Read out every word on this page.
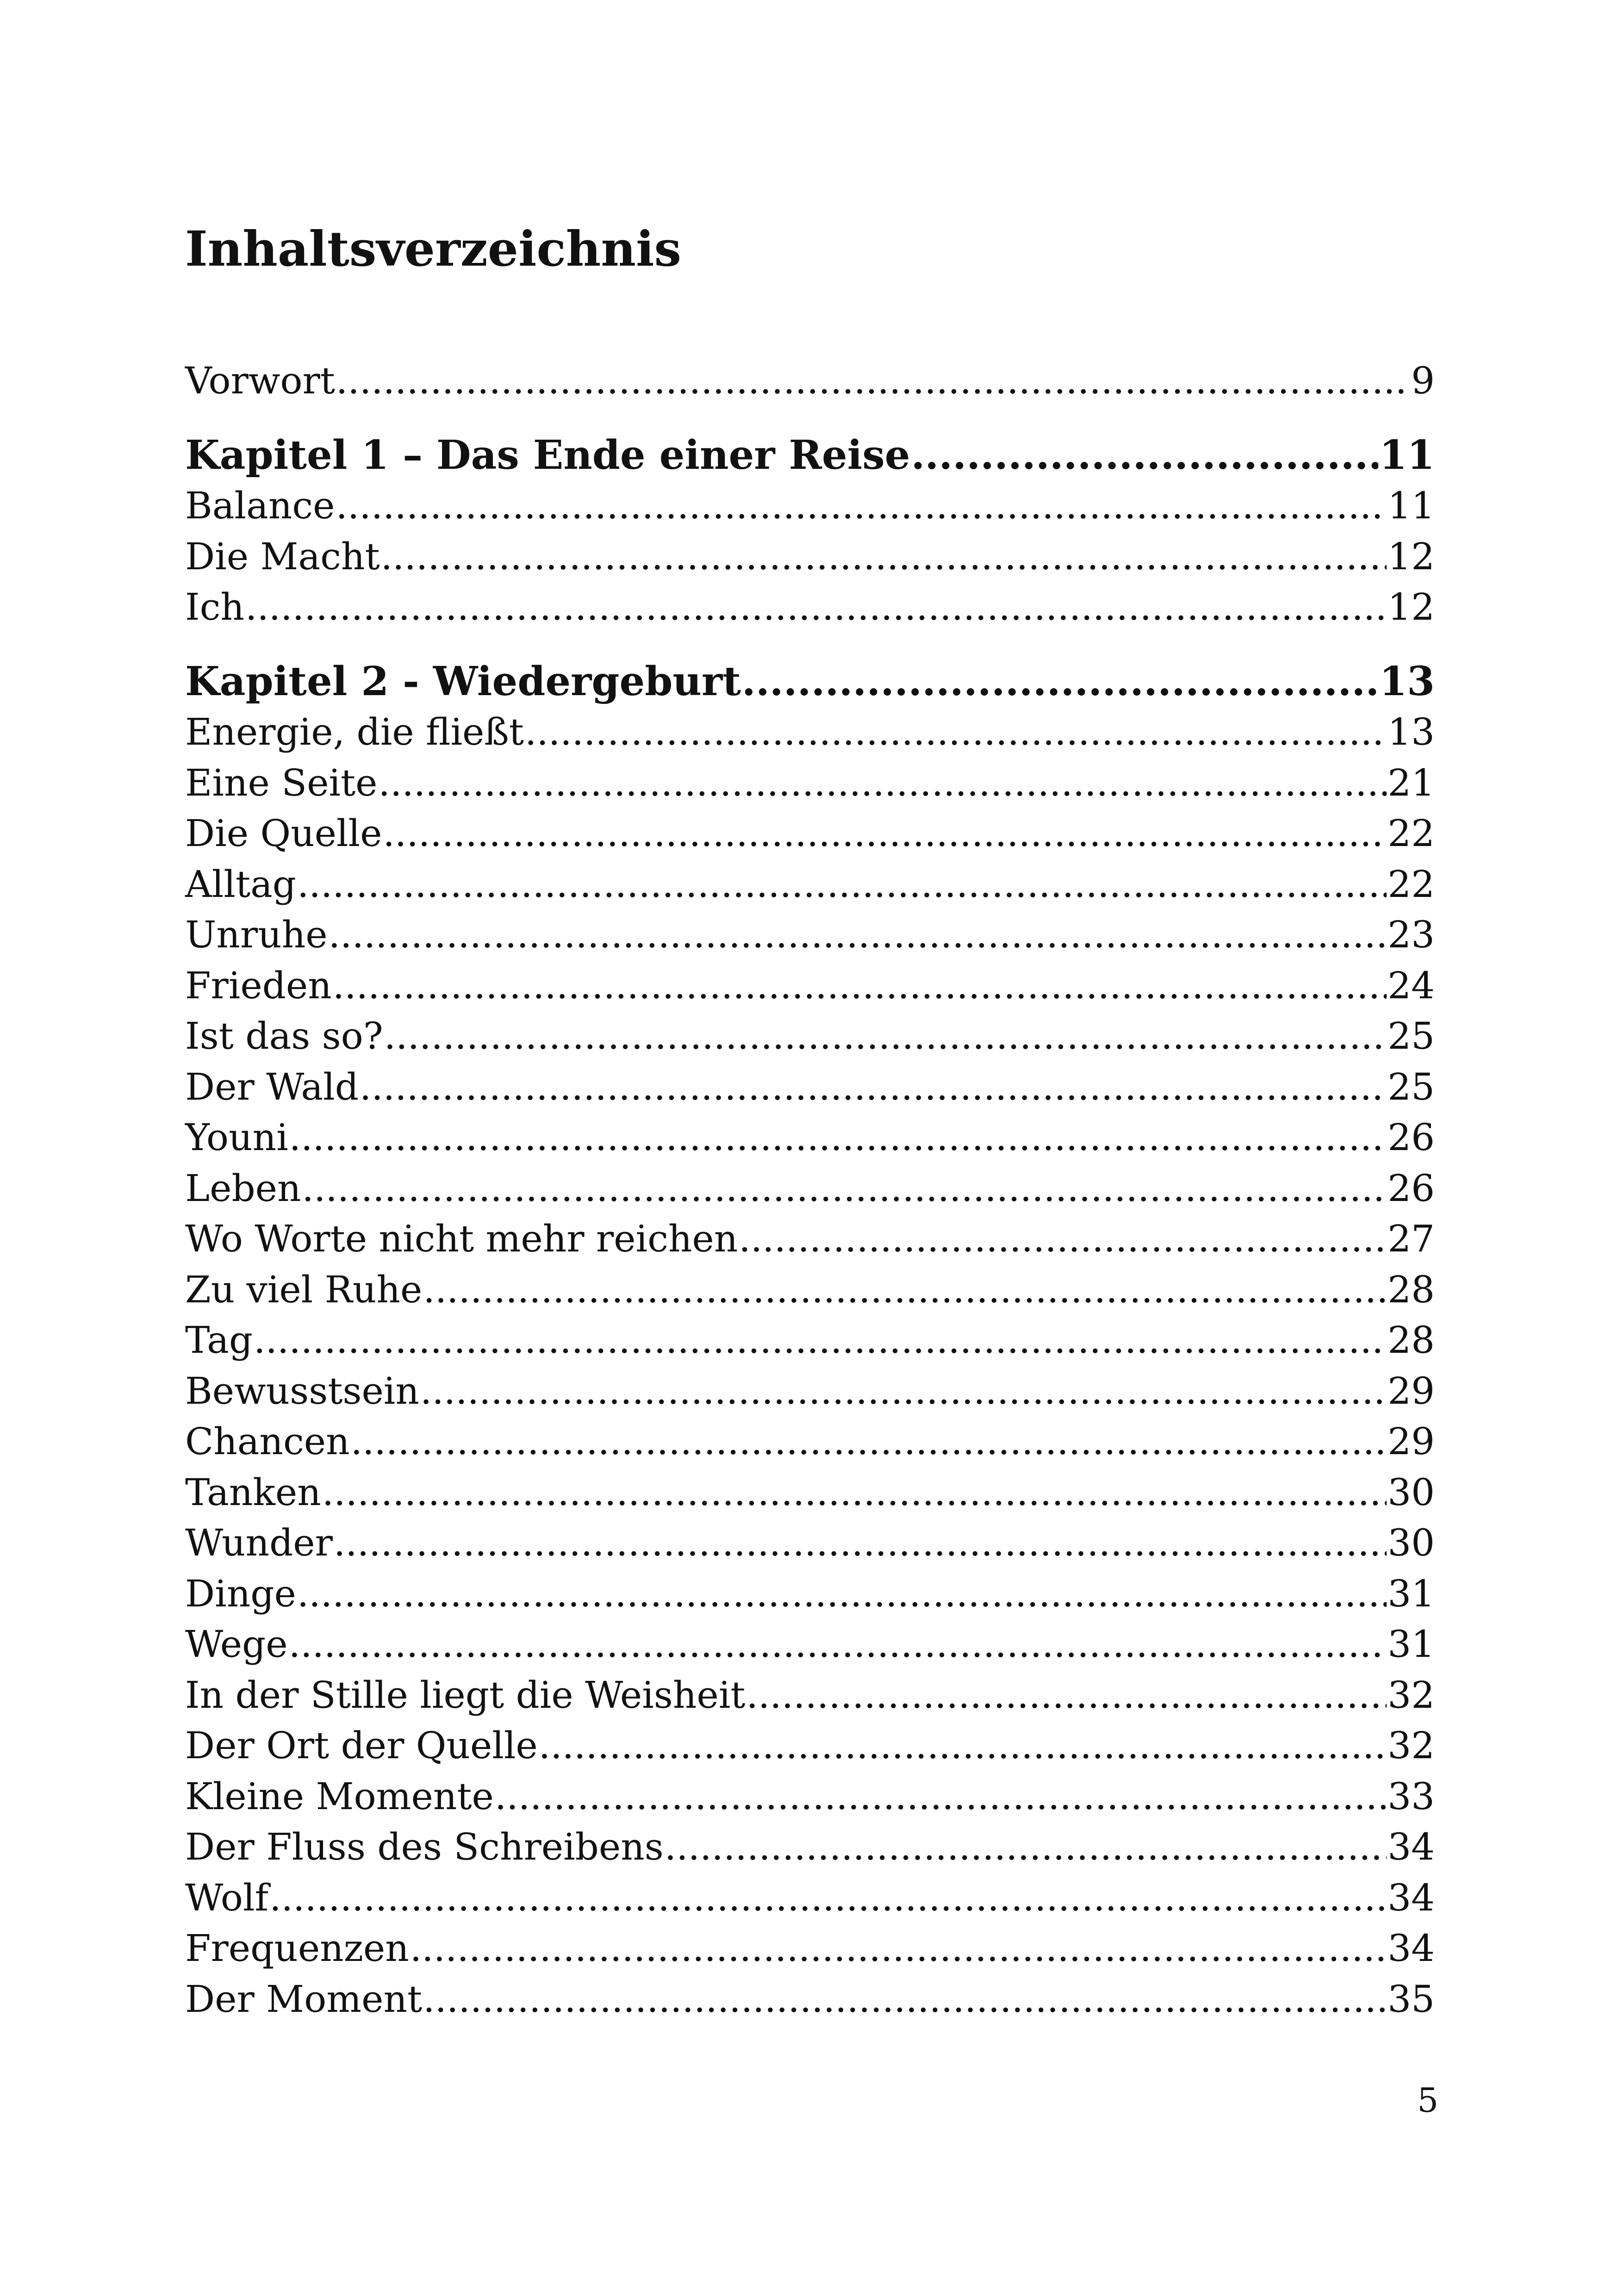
Inhaltsverzeichnis
Vorwort .....	9
Kapitel 1 – Das Ende einer Reise .....	11
Balance .....	11
Die Macht .....	12
Ich .....	12
Kapitel 2 - Wiedergeburt .....	13
Energie, die fließt .....	13
Eine Seite .....	21
Die Quelle .....	22
Alltag .....	22
Unruhe .....	23
Frieden .....	24
Ist das so? .....	25
Der Wald .....	25
Youni .....	26
Leben .....	26
Wo Worte nicht mehr reichen .....	27
Zu viel Ruhe .....	28
Tag .....	28
Bewusstsein .....	29
Chancen .....	29
Tanken .....	30
Wunder .....	30
Dinge .....	31
Wege .....	31
In der Stille liegt die Weisheit .....	32
Der Ort der Quelle .....	32
Kleine Momente .....	33
Der Fluss des Schreibens .....	34
Wolf .....	34
Frequenzen .....	34
Der Moment .....	35
5
